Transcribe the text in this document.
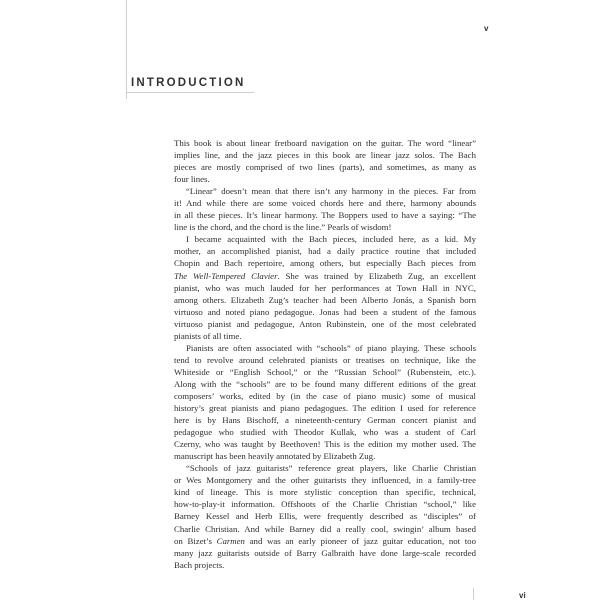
v
INTRODUCTION
This book is about linear fretboard navigation on the guitar. The word “linear”
implies line, and the jazz pieces in this book are linear jazz solos. The Bach
pieces are mostly comprised of two lines (parts), and sometimes, as many as
four lines.
“Linear” doesn’t mean that there isn’t any harmony in the pieces. Far from
it! And while there are some voiced chords here and there, harmony abounds
in all these pieces. It’s linear harmony. The Boppers used to have a saying: “The
line is the chord, and the chord is the line.” Pearls of wisdom!
I became acquainted with the Bach pieces, included here, as a kid. My
mother, an accomplished pianist, had a daily practice routine that included
Chopin and Bach repertoire, among others, but especially Bach pieces from
The Well-Tempered Clavier. She was trained by Elizabeth Zug, an excellent
pianist, who was much lauded for her performances at Town Hall in NYC,
among others. Elizabeth Zug’s teacher had been Alberto Jonás, a Spanish born
virtuoso and noted piano pedagogue. Jonas had been a student of the famous
virtuoso pianist and pedagogue, Anton Rubinstein, one of the most celebrated
pianists of all time.
Pianists are often associated with “schools” of piano playing. These schools
tend to revolve around celebrated pianists or treatises on technique, like the
Whiteside or “English School,” or the “Russian School” (Rubenstein, etc.).
Along with the “schools” are to be found many different editions of the great
composers’ works, edited by (in the case of piano music) some of musical
history’s great pianists and piano pedagogues. The edition I used for reference
here is by Hans Bischoff, a nineteenth-century German concert pianist and
pedagogue who studied with Theodor Kullak, who was a student of Carl
Czerny, who was taught by Beethoven! This is the edition my mother used. The
manuscript has been heavily annotated by Elizabeth Zug.
“Schools of jazz guitarists” reference great players, like Charlie Christian
or Wes Montgomery and the other guitarists they influenced, in a family-tree
kind of lineage. This is more stylistic conception than specific, technical,
how-to-play-it information. Offshoots of the Charlie Christian “school,” like
Barney Kessel and Herb Ellis, were frequently described as “disciples” of
Charlie Christian. And while Barney did a really cool, swingin’ album based
on Bizet’s Carmen and was an early pioneer of jazz guitar education, not too
many jazz guitarists outside of Barry Galbraith have done large-scale recorded
Bach projects.
vi
